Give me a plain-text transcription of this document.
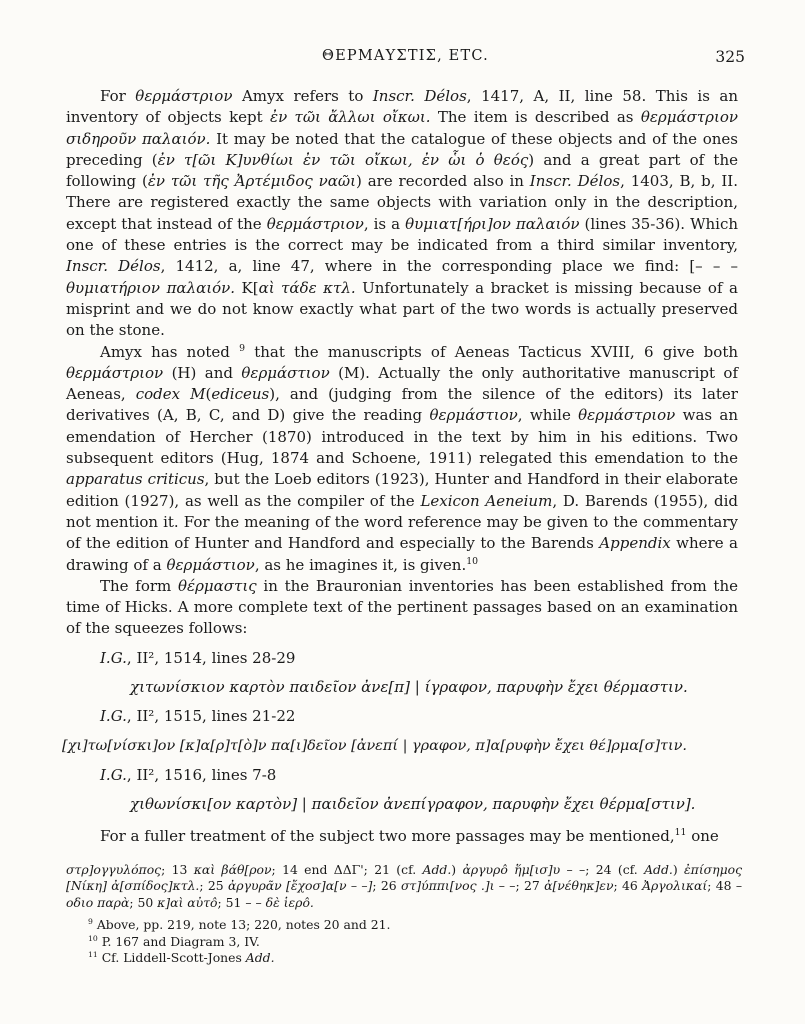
ΘΕΡΜΑΥΣΤΙΣ, ETC.	325
For θερμάστριον Amyx refers to Inscr. Délos, 1417, A, II, line 58. This is an inventory of objects kept ἐν τῶι ἄλλωι οἴκωι. The item is described as θερμάστριον σιδηροῦν παλαιόν. It may be noted that the catalogue of these objects and of the ones preceding (ἐν τ[ῶι Κ]υνθίωι ἐν τῶι οἴκωι, ἐν ὧι ὁ θεός) and a great part of the following (ἐν τῶι τῆς Ἀρτέμιδος ναῶι) are recorded also in Inscr. Délos, 1403, B, b, II. There are registered exactly the same objects with variation only in the description, except that instead of the θερμάστριον, is a θυμιατ[ήρι]ον παλαιόν (lines 35-36). Which one of these entries is the correct may be indicated from a third similar inventory, Inscr. Délos, 1412, a, line 47, where in the corresponding place we find: [– – – θυμιατήριον παλαιόν. Κ[αὶ τάδε κτλ. Unfortunately a bracket is missing because of a misprint and we do not know exactly what part of the two words is actually preserved on the stone.
Amyx has noted $^9$ that the manuscripts of Aeneas Tacticus XVIII, 6 give both θερμάστριον (H) and θερμάστιον (M). Actually the only authoritative manuscript of Aeneas, codex M(ediceus), and (judging from the silence of the editors) its later derivatives (A, B, C, and D) give the reading θερμάστιον, while θερμάστριον was an emendation of Hercher (1870) introduced in the text by him in his editions. Two subsequent editors (Hug, 1874 and Schoene, 1911) relegated this emendation to the apparatus criticus, but the Loeb editors (1923), Hunter and Handford in their elaborate edition (1927), as well as the compiler of the Lexicon Aeneium, D. Barends (1955), did not mention it. For the meaning of the word reference may be given to the commentary of the edition of Hunter and Handford and especially to the Barends Appendix where a drawing of a θερμάστιον, as he imagines it, is given.$^{10}$
The form θέρμαστις in the Brauronian inventories has been established from the time of Hicks. A more complete text of the pertinent passages based on an examination of the squeezes follows:
I.G., II², 1514, lines 28-29
χιτωνίσκιον καρτὸν παιδεῖον ἀνε[π] | ίγραφον, παρυφὴν ἔχει θέρμαστιν.
I.G., II², 1515, lines 21-22
[χι]τω[νίσκι]ον [κ]α[ρ]τ[ὸ]ν πα[ι]δεῖον [ἀνεπί | γραφον, π]α[ρυφὴν ἔχει θέ]ρμα[σ]τιν.
I.G., II², 1516, lines 7-8
χιθωνίσκι[ον καρτὸν] | παιδεῖον ἀνεπίγραφον, παρυφὴν ἔχει θέρμα[στιν].
For a fuller treatment of the subject two more passages may be mentioned,$^{11}$ one
στρ]ογγυλόπος; 13 καὶ βάθ[ρον; 14 end ΔΔΓ'; 21 (cf. Add.) ἀργυρο̂ ἥμ[ισ]υ – –; 24 (cf. Add.) ἐπίσημος [Νίκη] ἀ[σπίδος]κτλ.; 25 ἀργυρᾶν [ἔχοσ]α[ν – –]; 26 στ]ύππι[νος .]ι – –; 27 ἀ[νέθηκ]εν; 46 Ἀργολικαί; 48 – οδιο παρὰ; 50 κ]αὶ αὐτο̂; 51 – – δὲ ἱερο̂.
$^9$ Above, pp. 219, note 13; 220, notes 20 and 21.
$^{10}$ P. 167 and Diagram 3, IV.
$^{11}$ Cf. Liddell-Scott-Jones Add.
